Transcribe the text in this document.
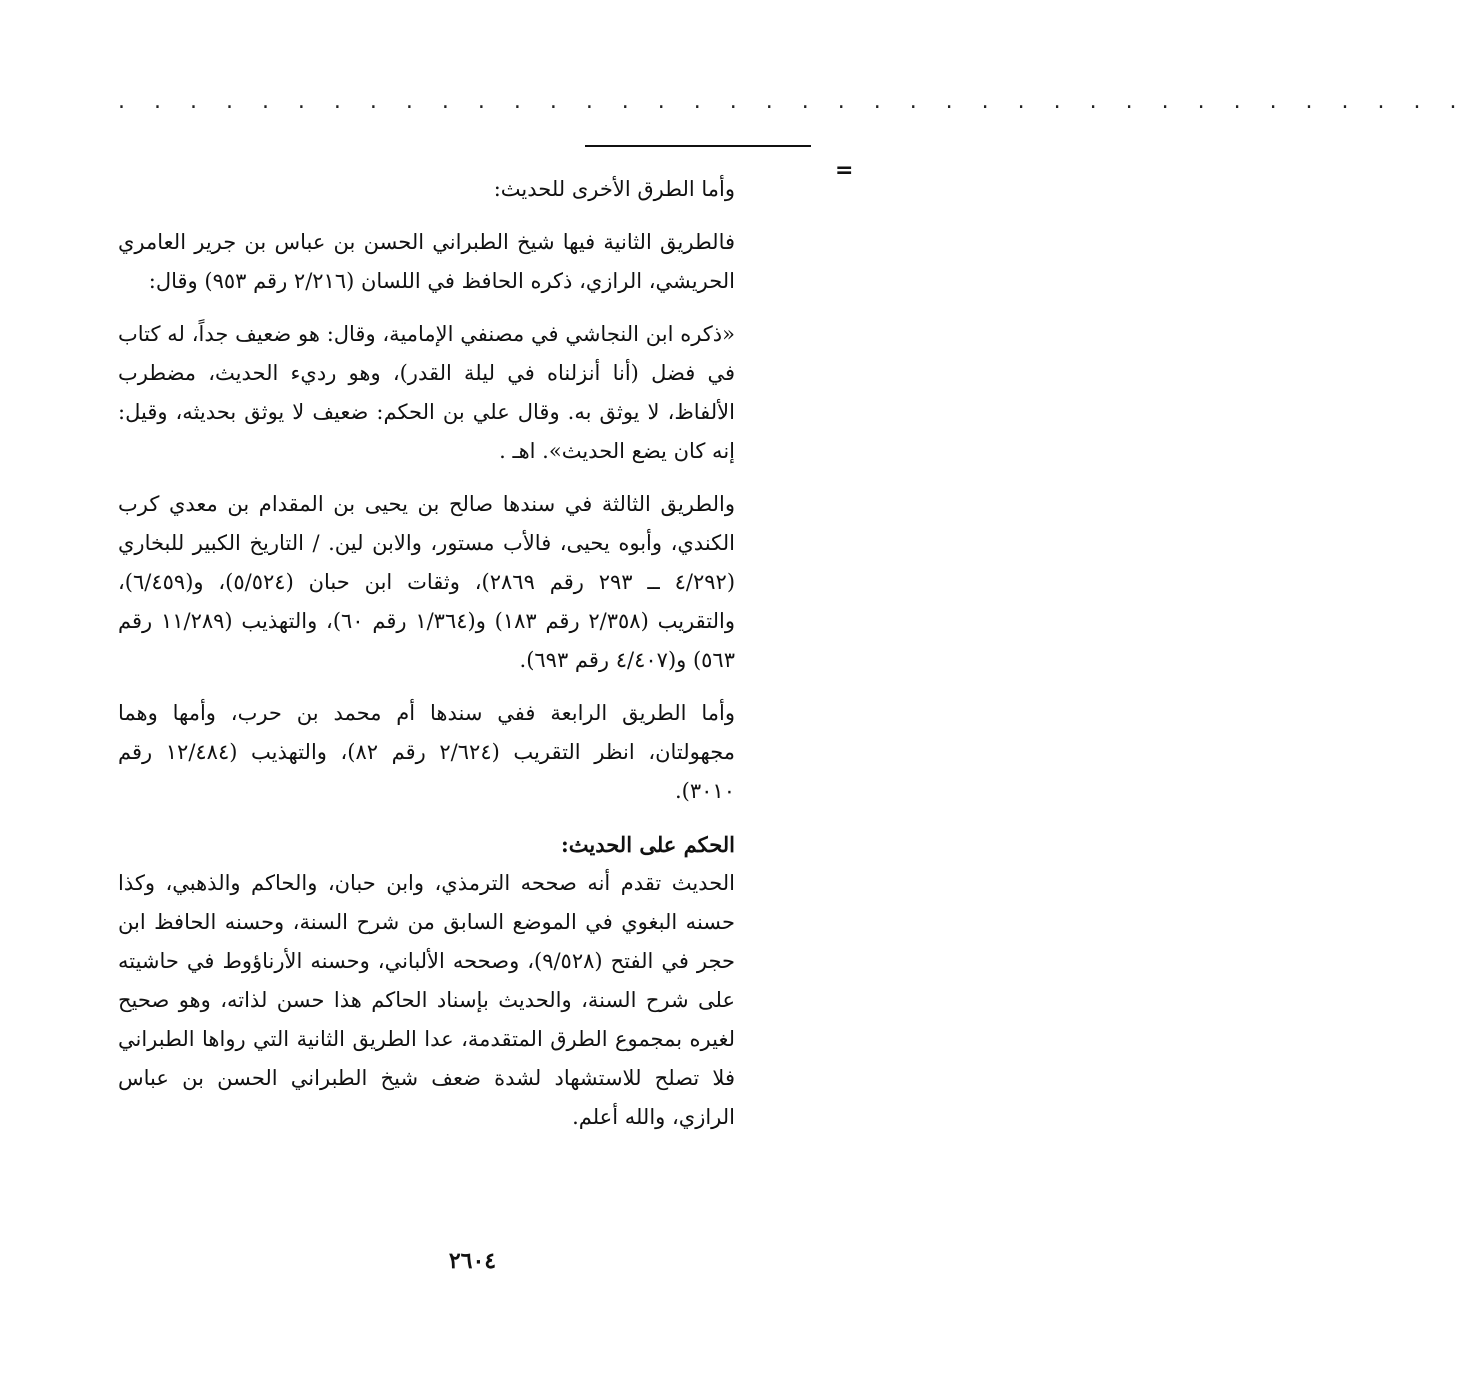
. . . . . . . . . . . . . . . . . . . . . . . . . . . . . . . . . . . . . .
=

وأما الطرق الأخرى للحديث:

فالطريق الثانية فيها شيخ الطبراني الحسن بن عباس بن جرير العامري الحريشي، الرازي، ذكره الحافظ في اللسان (٢/٢١٦ رقم ٩٥٣) وقال:

«ذكره ابن النجاشي في مصنفي الإمامية، وقال: هو ضعيف جداً، له كتاب في فضل (أنا أنزلناه في ليلة القدر)، وهو رديء الحديث، مضطرب الألفاظ، لا يوثق به. وقال علي بن الحكم: ضعيف لا يوثق بحديثه، وقيل: إنه كان يضع الحديث». اهـ .

والطريق الثالثة في سندها صالح بن يحيى بن المقدام بن معدي كرب الكندي، وأبوه يحيى، فالأب مستور، والابن لين. / التاريخ الكبير للبخاري (٤/٢٩٢ ــ ٢٩٣ رقم ٢٨٦٩)، وثقات ابن حبان (٥/٥٢٤)، و(٦/٤٥٩)، والتقريب (٢/٣٥٨ رقم ١٨٣) و(١/٣٦٤ رقم ٦٠)، والتهذيب (١١/٢٨٩ رقم ٥٦٣) و(٤/٤٠٧ رقم ٦٩٣).

وأما الطريق الرابعة ففي سندها أم محمد بن حرب، وأمها وهما مجهولتان، انظر التقريب (٢/٦٢٤ رقم ٨٢)، والتهذيب (١٢/٤٨٤ رقم ٣٠١٠).

الحكم على الحديث:

الحديث تقدم أنه صححه الترمذي، وابن حبان، والحاكم والذهبي، وكذا حسنه البغوي في الموضع السابق من شرح السنة، وحسنه الحافظ ابن حجر في الفتح (٩/٥٢٨)، وصححه الألباني، وحسنه الأرناؤوط في حاشيته على شرح السنة، والحديث بإسناد الحاكم هذا حسن لذاته، وهو صحيح لغيره بمجموع الطرق المتقدمة، عدا الطريق الثانية التي رواها الطبراني فلا تصلح للاستشهاد لشدة ضعف شيخ الطبراني الحسن بن عباس الرازي، والله أعلم.

٢٦٠٤
